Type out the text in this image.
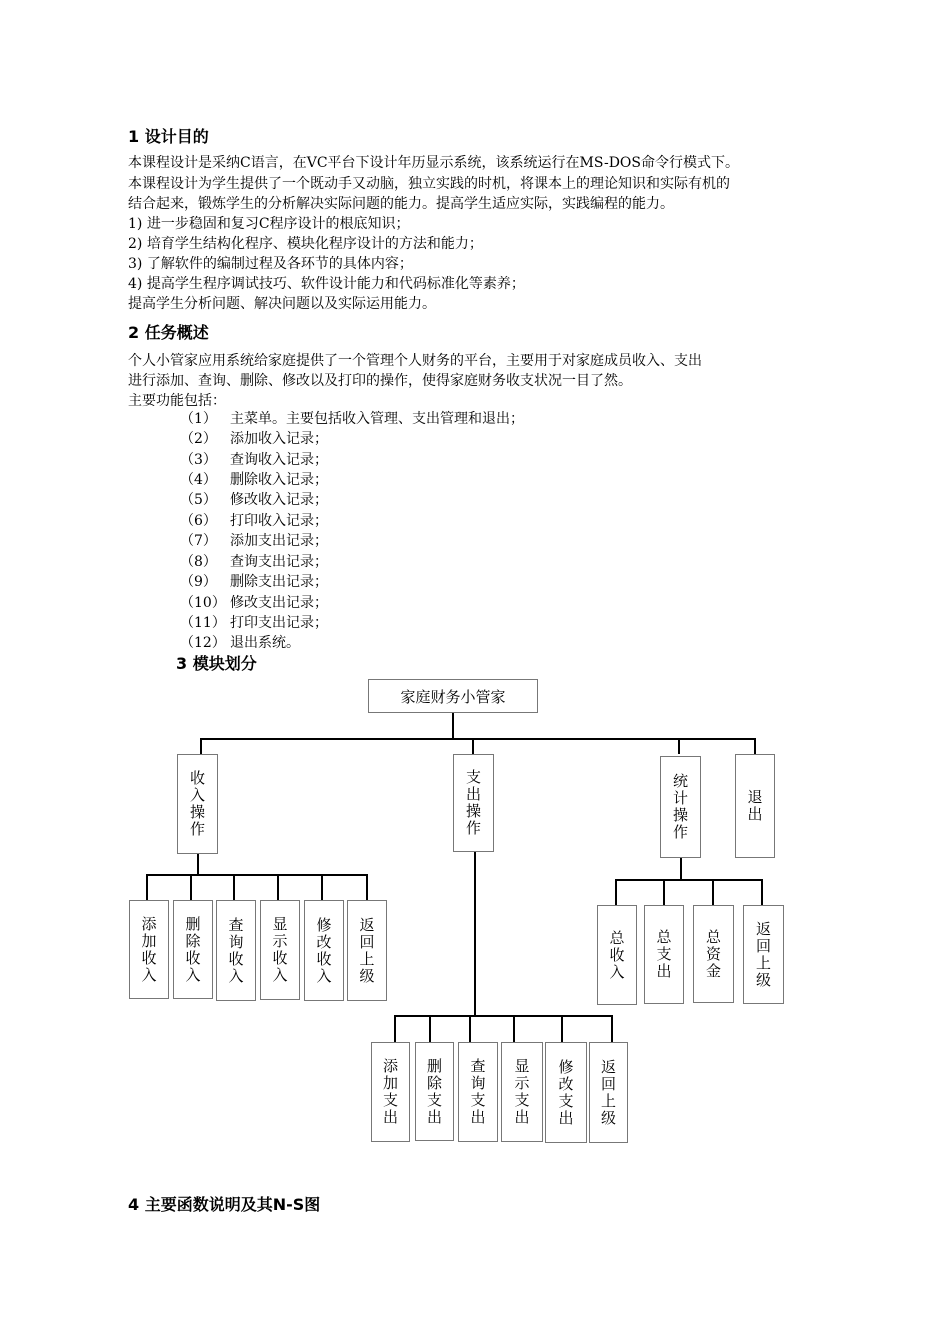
1 设计目的
本课程设计是采纳C语言，在VC平台下设计年历显示系统，该系统运行在MS-DOS命令行模式下。
本课程设计为学生提供了一个既动手又动脑，独立实践的时机，将课本上的理论知识和实际有机的
结合起来，锻炼学生的分析解决实际问题的能力。提高学生适应实际，实践编程的能力。
1) 进一步稳固和复习C程序设计的根底知识；
2) 培育学生结构化程序、模块化程序设计的方法和能力；
3) 了解软件的编制过程及各环节的具体内容；
4) 提高学生程序调试技巧、软件设计能力和代码标准化等素养；
提高学生分析问题、解决问题以及实际运用能力。
2 任务概述
个人小管家应用系统给家庭提供了一个管理个人财务的平台，主要用于对家庭成员收入、支出
进行添加、查询、删除、修改以及打印的操作，使得家庭财务收支状况一目了然。
主要功能包括：
（1） 主菜单。主要包括收入管理、支出管理和退出；
（2） 添加收入记录；
（3） 查询收入记录；
（4） 删除收入记录；
（5） 修改收入记录；
（6） 打印收入记录；
（7） 添加支出记录；
（8） 查询支出记录；
（9） 删除支出记录；
（10） 修改支出记录；
（11） 打印支出记录；
（12） 退出系统。
3 模块划分
家庭财务小管家
收入操作	支出操作	统计操作	退出
添加收入 删除收入 查询收入 显示收入 修改收入 返回上级	总收入 总支出 总资金 返回上级
添加支出 删除支出 查询支出 显示支出 修改支出 返回上级
4 主要函数说明及其N-S图
